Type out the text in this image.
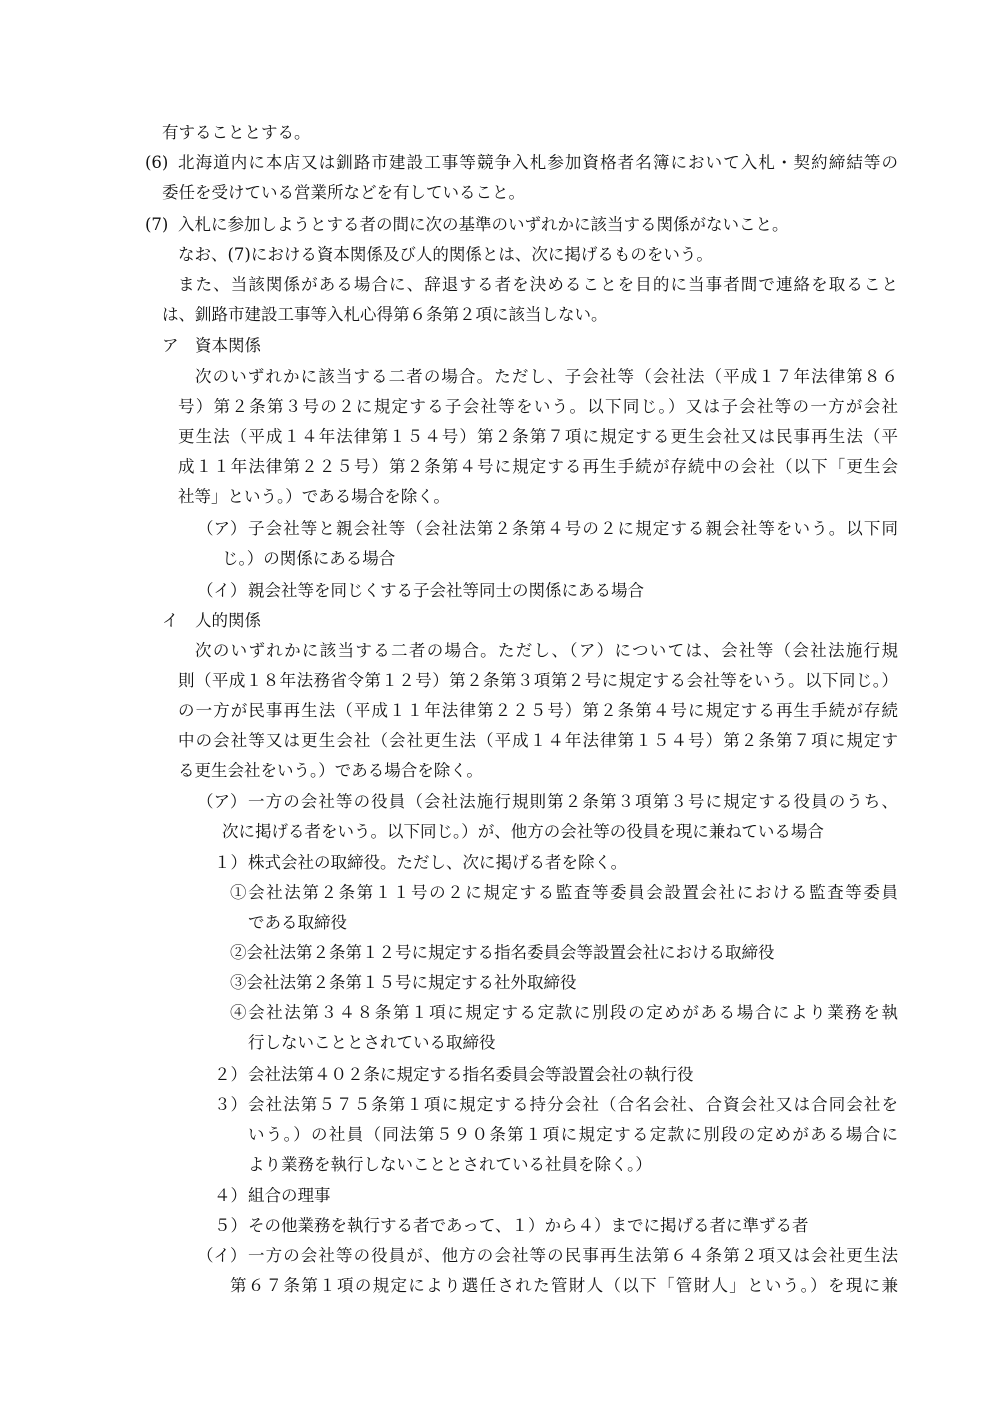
有することとする。
(6) 北海道内に本店又は釧路市建設工事等競争入札参加資格者名簿において入札・契約締結等の
委任を受けている営業所などを有していること。
(7) 入札に参加しようとする者の間に次の基準のいずれかに該当する関係がないこと。
なお、(7)における資本関係及び人的関係とは、次に掲げるものをいう。
また、当該関係がある場合に、辞退する者を決めることを目的に当事者間で連絡を取ること
は、釧路市建設工事等入札心得第６条第２項に該当しない。
ア 資本関係
次のいずれかに該当する二者の場合。ただし、子会社等（会社法（平成１７年法律第８６
号）第２条第３号の２に規定する子会社等をいう。以下同じ。）又は子会社等の一方が会社
更生法（平成１４年法律第１５４号）第２条第７項に規定する更生会社又は民事再生法（平
成１１年法律第２２５号）第２条第４号に規定する再生手続が存続中の会社（以下「更生会
社等」という。）である場合を除く。
（ア） 子会社等と親会社等（会社法第２条第４号の２に規定する親会社等をいう。以下同
じ。）の関係にある場合
（イ） 親会社等を同じくする子会社等同士の関係にある場合
イ 人的関係
次のいずれかに該当する二者の場合。ただし、（ア）については、会社等（会社法施行規
則（平成１８年法務省令第１２号）第２条第３項第２号に規定する会社等をいう。以下同じ。）
の一方が民事再生法（平成１１年法律第２２５号）第２条第４号に規定する再生手続が存続
中の会社等又は更生会社（会社更生法（平成１４年法律第１５４号）第２条第７項に規定す
る更生会社をいう。）である場合を除く。
（ア） 一方の会社等の役員（会社法施行規則第２条第３項第３号に規定する役員のうち、
次に掲げる者をいう。以下同じ。）が、他方の会社等の役員を現に兼ねている場合
１） 株式会社の取締役。ただし、次に掲げる者を除く。
①会社法第２条第１１号の２に規定する監査等委員会設置会社における監査等委員
である取締役
②会社法第２条第１２号に規定する指名委員会等設置会社における取締役
③会社法第２条第１５号に規定する社外取締役
④会社法第３４８条第１項に規定する定款に別段の定めがある場合により業務を執
行しないこととされている取締役
２） 会社法第４０２条に規定する指名委員会等設置会社の執行役
３） 会社法第５７５条第１項に規定する持分会社（合名会社、合資会社又は合同会社を
いう。）の社員（同法第５９０条第１項に規定する定款に別段の定めがある場合に
より業務を執行しないこととされている社員を除く。）
４） 組合の理事
５） その他業務を執行する者であって、１）から４）までに掲げる者に準ずる者
（イ） 一方の会社等の役員が、他方の会社等の民事再生法第６４条第２項又は会社更生法
第６７条第１項の規定により選任された管財人（以下「管財人」という。）を現に兼
